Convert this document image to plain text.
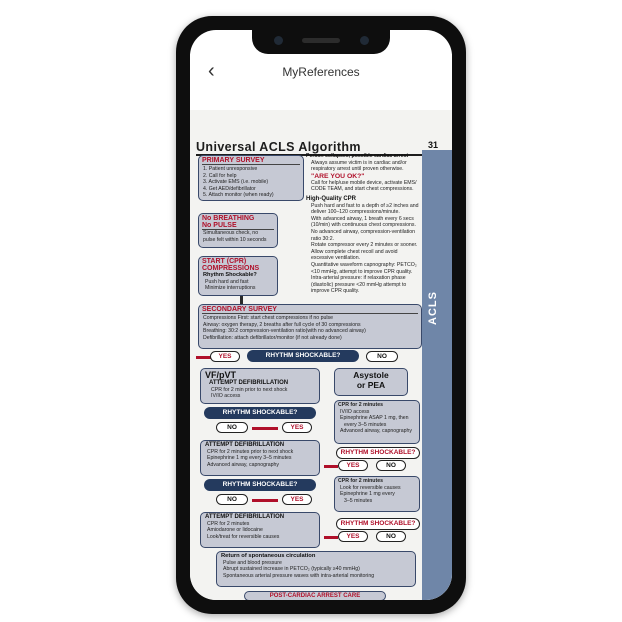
‹	MyReferences
Universal ACLS Algorithm	31
ACLS
Person collapses, possible cardiac arrest
Always assume victim is in cardiac and/or
respiratory arrest until proven otherwise.
"ARE YOU OK?"
Call for help/use mobile device, activate EMS/
CODE TEAM, and start chest compressions.
High-Quality CPR
Push hard and fast to a depth of ≥2 inches and
deliver 100–120 compressions/minute.
With advanced airway, 1 breath every 6 secs
(10/min) with continuous chest compressions.
No advanced airway, compression-ventilation
ratio 30:2.
Rotate compressor every 2 minutes or sooner.
Allow complete chest recoil and avoid
excessive ventilation.
Quantitative waveform capnography: PETCO₂
<10 mmHg, attempt to improve CPR quality.
Intra-arterial pressure: if relaxation phase
(diastolic) pressure <20 mmHg attempt to
improve CPR quality.
PRIMARY SURVEY
1. Patient unresponsive
2. Call for help
3. Activate EMS (i.e. mobile)
4. Get AED/defibrillator
5. Attach monitor (when ready)
No BREATHING
No PULSE
Simultaneous check, no
pulse felt within 10 seconds
START (CPR)
COMPRESSIONS
Rhythm Shockable?
Push hard and fast
Minimize interruptions
SECONDARY SURVEY
Compressions First: start chest compressions if no pulse
Airway: oxygen therapy, 2 breaths after full cycle of 30 compressions
Breathing: 30:2 compression-ventilation ratio(with no advanced airway)
Defibrillation: attach defibrillator/monitor (if not already done)
YES	RHYTHM SHOCKABLE?	NO
VF/pVT
ATTEMPT DEFIBRILLATION
CPR for 2 min prior to next shock
IV/IO access
Asystole
or PEA
RHYTHM SHOCKABLE?
NO	YES
ATTEMPT DEFIBRILLATION
CPR for 2 minutes prior to next shock
Epinephrine 1 mg every 3–5 minutes
Advanced airway, capnography
RHYTHM SHOCKABLE?
NO	YES
ATTEMPT DEFIBRILLATION
CPR for 2 minutes
Amiodarone or lidocaine
Look/treat for reversible causes
CPR for 2 minutes
IV/IO access
Epinephrine ASAP 1 mg, then
every 3–5 minutes
Advanced airway, capnography
RHYTHM SHOCKABLE?
YES	NO
CPR for 2 minutes
Look for reversible causes
Epinephrine 1 mg every
3–5 minutes
RHYTHM SHOCKABLE?
YES	NO
Return of spontaneous circulation
Pulse and blood pressure
Abrupt sustained increase in PETCO₂ (typically ≥40 mmHg)
Spontaneous arterial pressure waves with intra-arterial monitoring
POST-CARDIAC ARREST CARE
